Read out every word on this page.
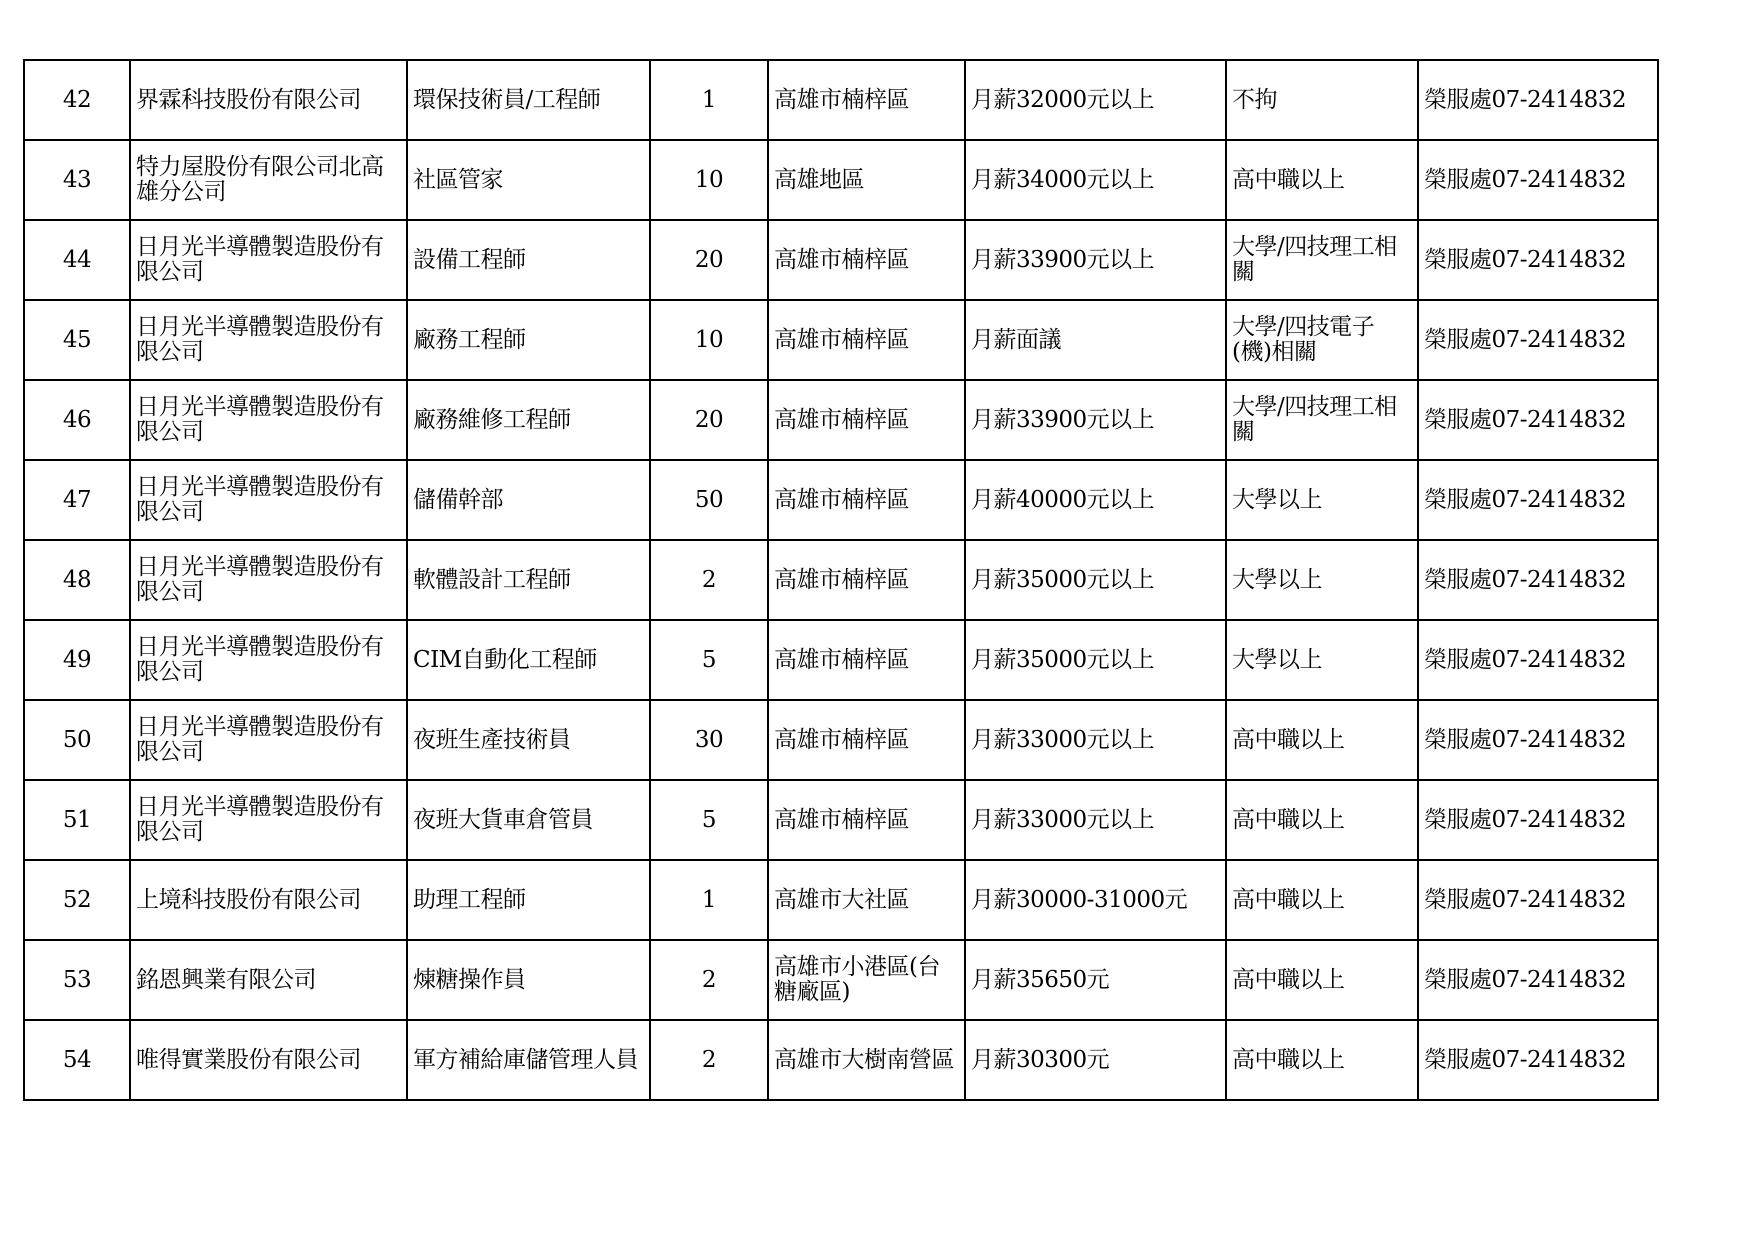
42	界霖科技股份有限公司	環保技術員/工程師	1	高雄市楠梓區	月薪32000元以上	不拘	榮服處07-2414832

43	特力屋股份有限公司北高雄分公司	社區管家	10	高雄地區	月薪34000元以上	高中職以上	榮服處07-2414832

44	日月光半導體製造股份有限公司	設備工程師	20	高雄市楠梓區	月薪33900元以上	大學/四技理工相關	榮服處07-2414832

45	日月光半導體製造股份有限公司	廠務工程師	10	高雄市楠梓區	月薪面議	大學/四技電子(機)相關	榮服處07-2414832

46	日月光半導體製造股份有限公司	廠務維修工程師	20	高雄市楠梓區	月薪33900元以上	大學/四技理工相關	榮服處07-2414832

47	日月光半導體製造股份有限公司	儲備幹部	50	高雄市楠梓區	月薪40000元以上	大學以上	榮服處07-2414832

48	日月光半導體製造股份有限公司	軟體設計工程師	2	高雄市楠梓區	月薪35000元以上	大學以上	榮服處07-2414832

49	日月光半導體製造股份有限公司	CIM自動化工程師	5	高雄市楠梓區	月薪35000元以上	大學以上	榮服處07-2414832

50	日月光半導體製造股份有限公司	夜班生產技術員	30	高雄市楠梓區	月薪33000元以上	高中職以上	榮服處07-2414832

51	日月光半導體製造股份有限公司	夜班大貨車倉管員	5	高雄市楠梓區	月薪33000元以上	高中職以上	榮服處07-2414832

52	上境科技股份有限公司	助理工程師	1	高雄市大社區	月薪30000-31000元	高中職以上	榮服處07-2414832

53	銘恩興業有限公司	煉糖操作員	2	高雄市小港區(台糖廠區)	月薪35650元	高中職以上	榮服處07-2414832

54	唯得實業股份有限公司	軍方補給庫儲管理人員	2	高雄市大樹南營區	月薪30300元	高中職以上	榮服處07-2414832
